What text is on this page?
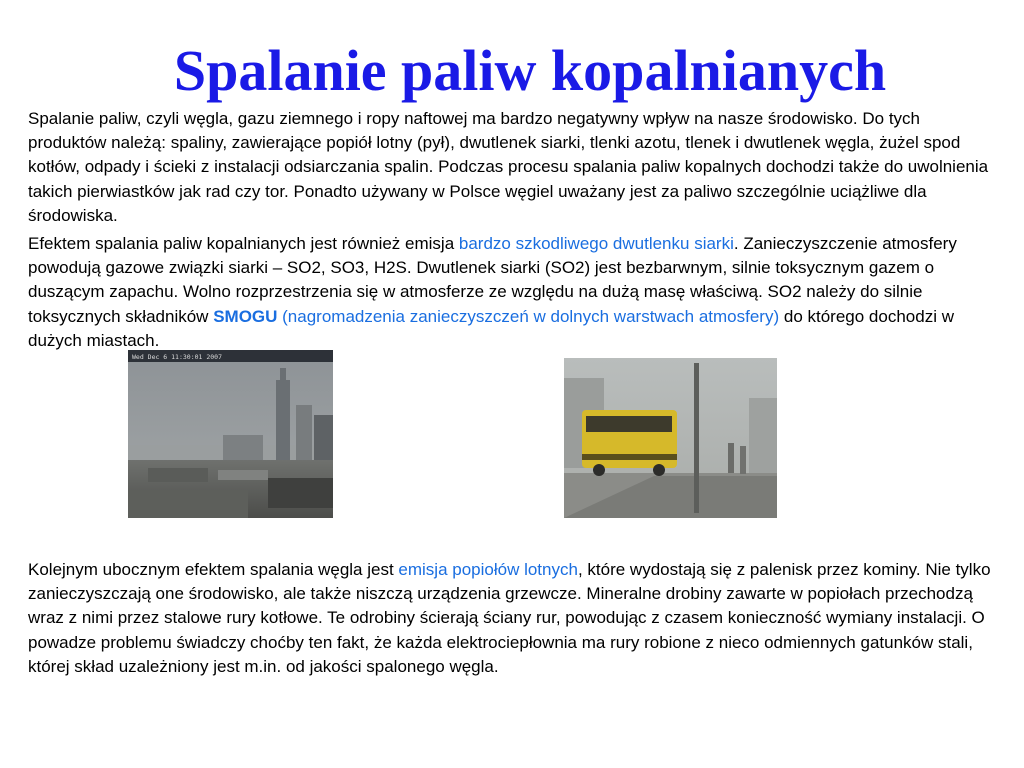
Spalanie paliw kopalnianych

Spalanie paliw, czyli węgla, gazu ziemnego i ropy naftowej ma bardzo negatywny wpływ na nasze środowisko. Do tych produktów należą: spaliny, zawierające popiół lotny (pył), dwutlenek siarki, tlenki azotu, tlenek i dwutlenek węgla, żużel spod kotłów, odpady i ścieki z instalacji odsiarczania spalin. Podczas procesu spalania paliw kopalnych dochodzi także do uwolnienia takich pierwiastków jak rad czy tor. Ponadto używany w Polsce węgiel uważany jest za paliwo szczególnie uciążliwe dla środowiska.

Efektem spalania paliw kopalnianych jest również emisja bardzo szkodliwego dwutlenku siarki. Zanieczyszczenie atmosfery powodują gazowe związki siarki – SO2, SO3, H2S. Dwutlenek siarki (SO2) jest bezbarwnym, silnie toksycznym gazem o duszącym zapachu. Wolno rozprzestrzenia się w atmosferze ze względu na dużą masę właściwą. SO2 należy do silnie toksycznych składników SMOGU (nagromadzenia zanieczyszczeń w dolnych warstwach atmosfery) do którego dochodzi w dużych miastach.

Wed Dec 6 11:30:01 2007

Kolejnym ubocznym efektem spalania węgla jest emisja popiołów lotnych, które wydostają się z palenisk przez kominy. Nie tylko zanieczyszczają one środowisko, ale także niszczą urządzenia grzewcze. Mineralne drobiny zawarte w popiołach przechodzą wraz z nimi przez stalowe rury kotłowe. Te odrobiny ścierają ściany rur, powodując z czasem konieczność wymiany instalacji. O powadze problemu świadczy choćby ten fakt, że każda elektrociepłownia ma rury robione z nieco odmiennych gatunków stali, której skład uzależniony jest m.in. od jakości spalonego węgla.
